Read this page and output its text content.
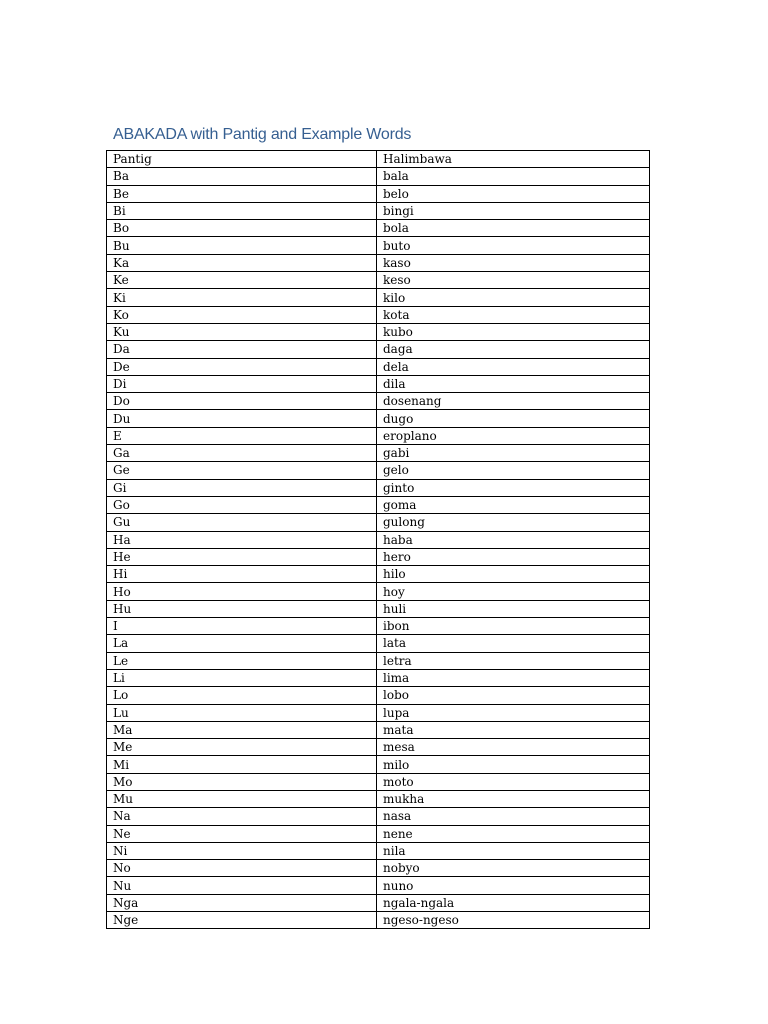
ABAKADA with Pantig and Example Words
Pantig	Halimbawa
Ba	bala
Be	belo
Bi	bingi
Bo	bola
Bu	buto
Ka	kaso
Ke	keso
Ki	kilo
Ko	kota
Ku	kubo
Da	daga
De	dela
Di	dila
Do	dosenang
Du	dugo
E	eroplano
Ga	gabi
Ge	gelo
Gi	ginto
Go	goma
Gu	gulong
Ha	haba
He	hero
Hi	hilo
Ho	hoy
Hu	huli
I	ibon
La	lata
Le	letra
Li	lima
Lo	lobo
Lu	lupa
Ma	mata
Me	mesa
Mi	milo
Mo	moto
Mu	mukha
Na	nasa
Ne	nene
Ni	nila
No	nobyo
Nu	nuno
Nga	ngala-ngala
Nge	ngeso-ngeso
